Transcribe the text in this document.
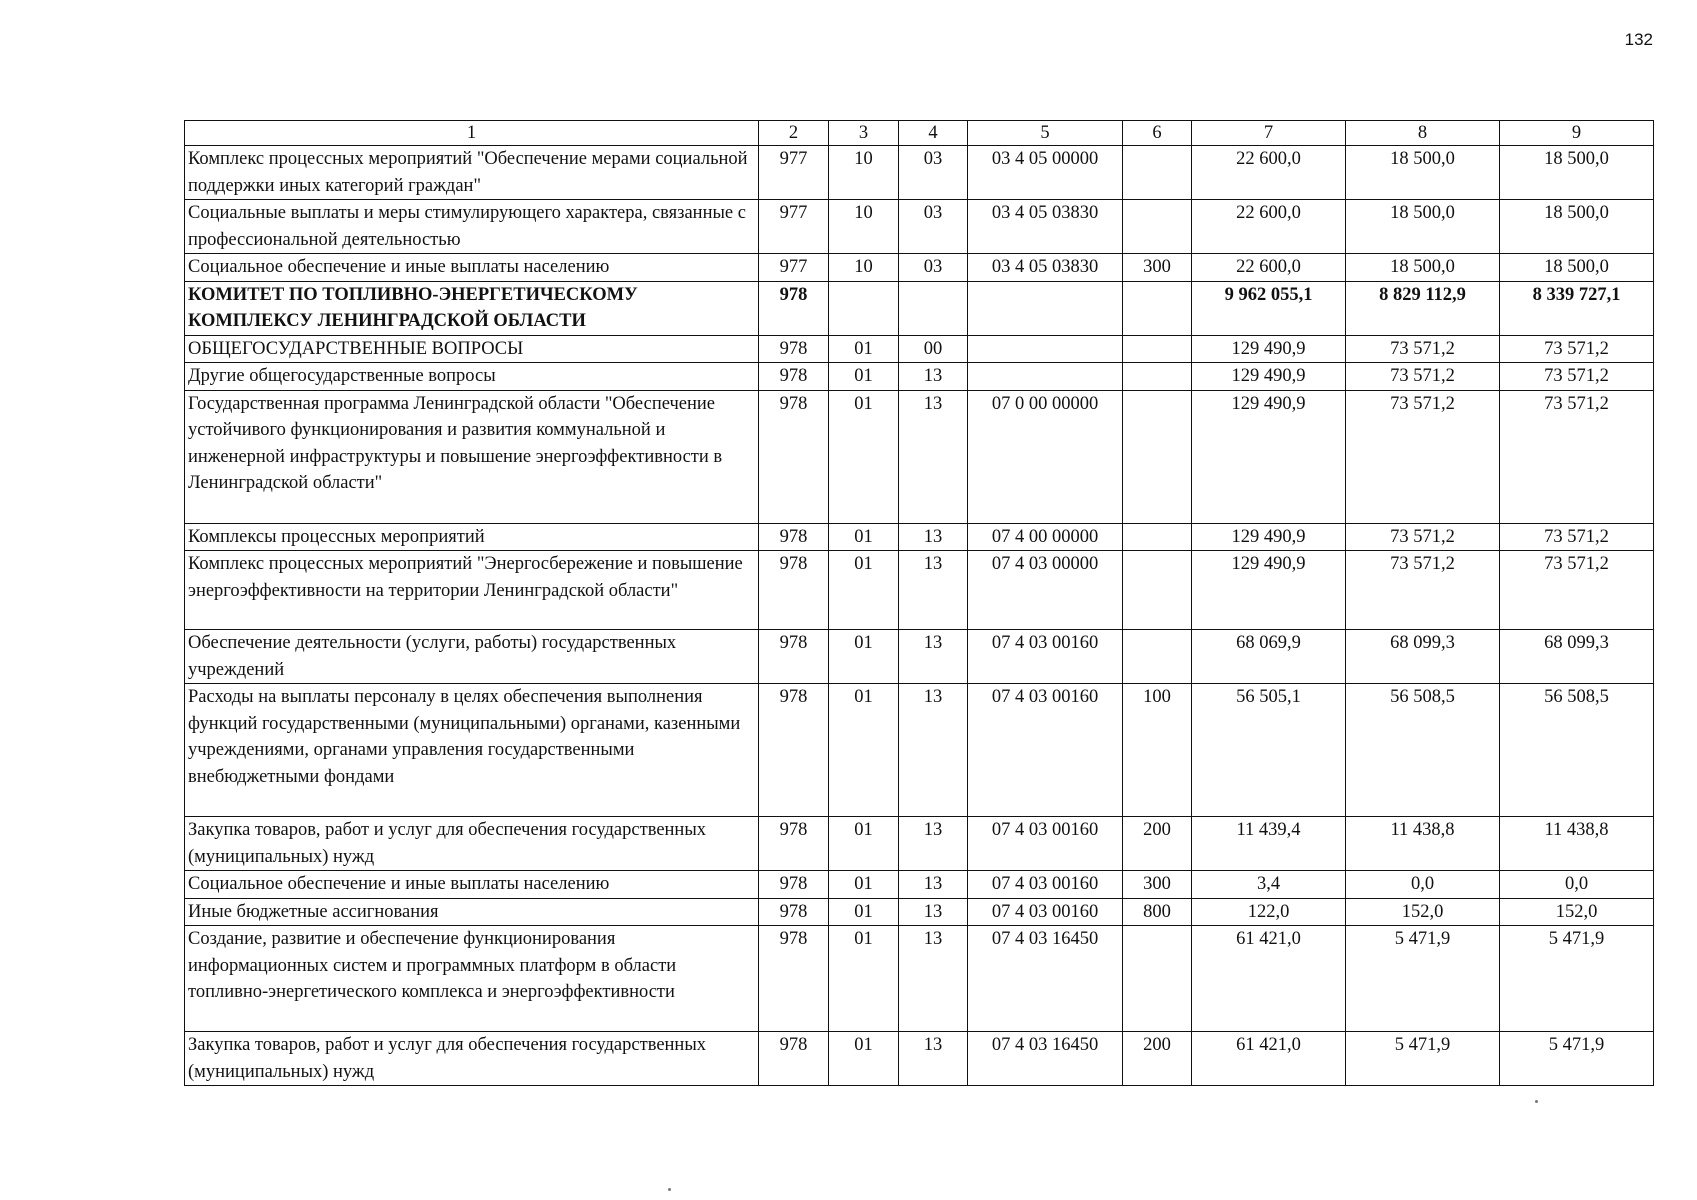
132
1	2	3	4	5	6	7	8	9
Комплекс процессных мероприятий "Обеспечение мерами социальной поддержки иных категорий граждан"	977	10	03	03 4 05 00000		22 600,0	18 500,0	18 500,0
Социальные выплаты и меры стимулирующего характера, связанные с профессиональной деятельностью	977	10	03	03 4 05 03830		22 600,0	18 500,0	18 500,0
Социальное обеспечение и иные выплаты населению	977	10	03	03 4 05 03830	300	22 600,0	18 500,0	18 500,0
КОМИТЕТ ПО ТОПЛИВНО-ЭНЕРГЕТИЧЕСКОМУ КОМПЛЕКСУ ЛЕНИНГРАДСКОЙ ОБЛАСТИ	978					9 962 055,1	8 829 112,9	8 339 727,1
ОБЩЕГОСУДАРСТВЕННЫЕ ВОПРОСЫ	978	01	00			129 490,9	73 571,2	73 571,2
Другие общегосударственные вопросы	978	01	13			129 490,9	73 571,2	73 571,2
Государственная программа Ленинградской области "Обеспечение устойчивого функционирования и развития коммунальной и инженерной инфраструктуры и повышение энергоэффективности в Ленинградской области"	978	01	13	07 0 00 00000		129 490,9	73 571,2	73 571,2
Комплексы процессных мероприятий	978	01	13	07 4 00 00000		129 490,9	73 571,2	73 571,2
Комплекс процессных мероприятий "Энергосбережение и повышение энергоэффективности на территории Ленинградской области"	978	01	13	07 4 03 00000		129 490,9	73 571,2	73 571,2
Обеспечение деятельности (услуги, работы) государственных учреждений	978	01	13	07 4 03 00160		68 069,9	68 099,3	68 099,3
Расходы на выплаты персоналу в целях обеспечения выполнения функций государственными (муниципальными) органами, казенными учреждениями, органами управления государственными внебюджетными фондами	978	01	13	07 4 03 00160	100	56 505,1	56 508,5	56 508,5
Закупка товаров, работ и услуг для обеспечения государственных (муниципальных) нужд	978	01	13	07 4 03 00160	200	11 439,4	11 438,8	11 438,8
Социальное обеспечение и иные выплаты населению	978	01	13	07 4 03 00160	300	3,4	0,0	0,0
Иные бюджетные ассигнования	978	01	13	07 4 03 00160	800	122,0	152,0	152,0
Создание, развитие и обеспечение функционирования информационных систем и программных платформ в области топливно-энергетического комплекса и энергоэффективности	978	01	13	07 4 03 16450		61 421,0	5 471,9	5 471,9
Закупка товаров, работ и услуг для обеспечения государственных (муниципальных) нужд	978	01	13	07 4 03 16450	200	61 421,0	5 471,9	5 471,9
